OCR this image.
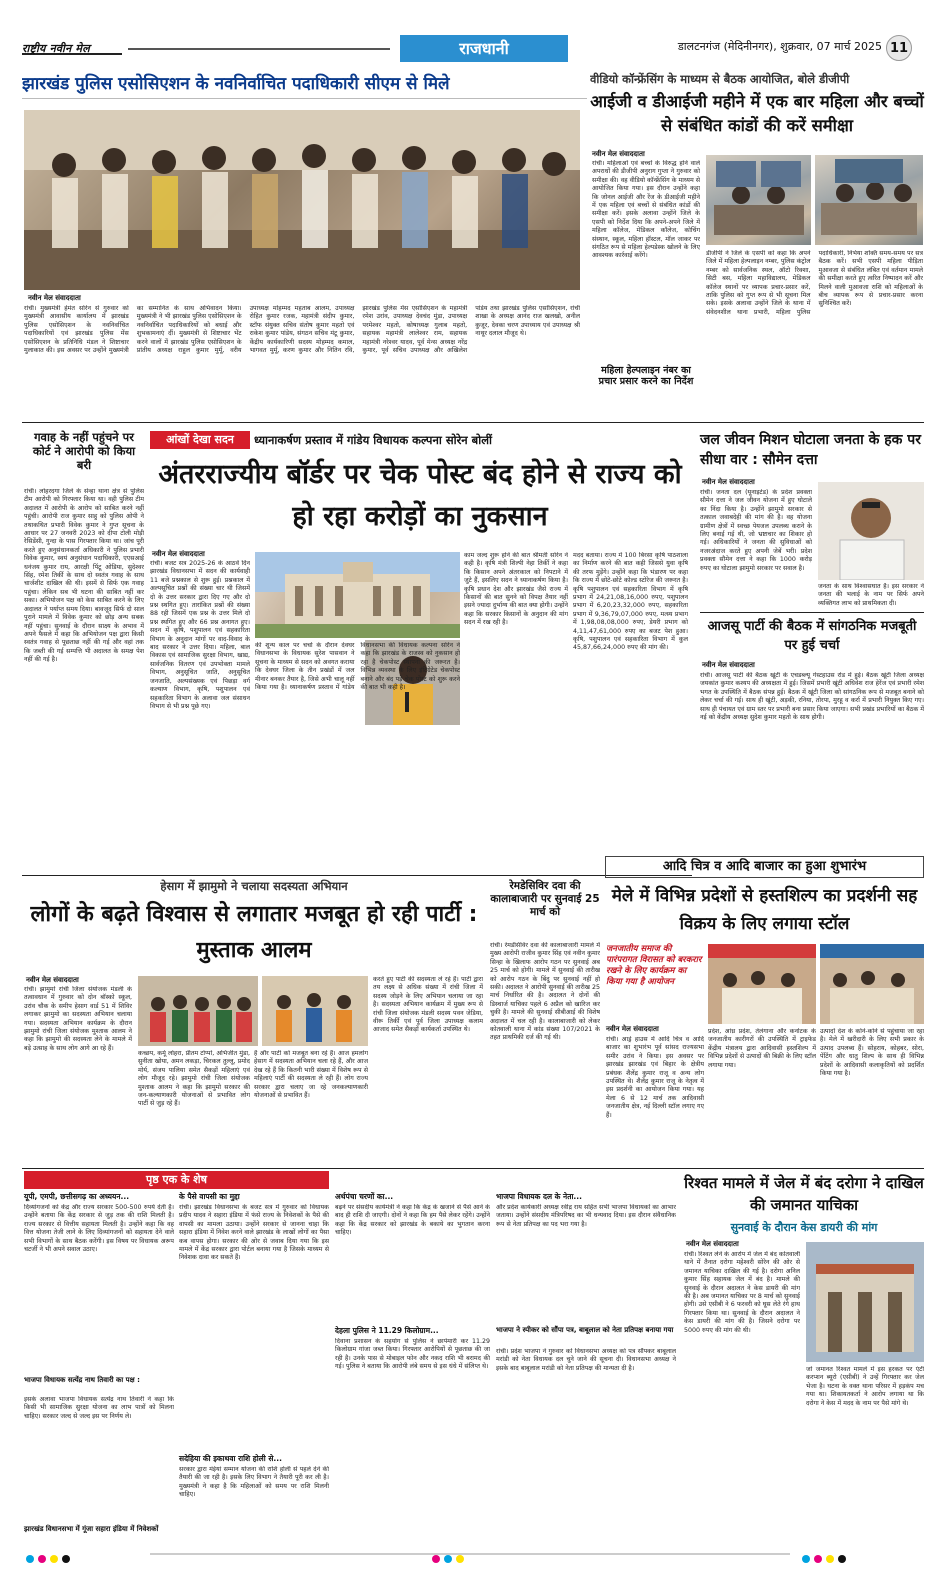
राष्ट्रीय नवीन मेल	राजधानी	डालटनगंज (मेदिनीनगर), शुक्रवार, 07 मार्च 2025 11
झारखंड पुलिस एसोसिएशन के नवनिर्वाचित पदाधिकारी सीएम से मिले
नवीन मेल संवाददाता
रांची। मुख्यमंत्री हेमंत सोरेन से गुरुवार को मुख्यमंत्री आवासीय कार्यालय में झारखंड पुलिस एसोसिएशन के नवनिर्वाचित पदाधिकारियों एवं झारखंड पुलिस मेंस एसोसिएशन के प्रतिनिधि मंडल ने शिष्टाचार मुलाकात की। इस अवसर पर उन्होंने मुख्यमंत्री का सम्मानित के साथ अभिवादन किया। मुख्यमंत्री ने भी झारखंड पुलिस एसोसिएशन के नवनिर्वाचित पदाधिकारियों को बधाई और शुभकामनाएं दीं। मुख्यमंत्री से शिष्टाचार भेंट करने वालों में झारखंड पुलिस एसोसिएशन के प्रांतीय अध्यक्ष राहुल कुमार मुर्मू, वरीय उपाध्यक्ष मोहम्मद महताब आलम, उपाध्यक्ष रोहित कुमार रजक, महामंत्री संदीप कुमार, स्टॉफ संयुक्त सचिव संतोष कुमार महतो एवं राकेश कुमार पांडेय, संगठन सचिव मंटू कुमार, केंद्रीय कार्यकारिणी सदस्य मोहम्मद कमाल, भागवत मुर्मू, करण कुमार और नितिन रवि, झारखंड पुलिस मेंस एसोसिएशन के महामंत्री रमेश उरांव, उपाध्यक्ष देवचंद मुंडा, उपाध्यक्ष परमेश्वर महतो, कोषाध्यक्ष गुलाब महतो, सहायक महामंत्री लालेश्वर राम, सहायक महामंत्री नरेश्वर यादव, पूर्व मेन्स अध्यक्ष नरेंद्र कुमार, पूर्व सचिव उपाध्यक्ष और अखिलेश पांडेय तथा झारखंड पुलिस एसोसिएशन, रांची शाखा के अध्यक्ष आनंद राज खलखो, अनील कुजूर, देवका चरण उपाध्याय एवं उपाध्यक्ष श्री नाथूर दलाल मौजूद थे।
वीडियो कॉन्फ्रेंसिंग के माध्यम से बैठक आयोजित, बोले डीजीपी
आईजी व डीआईजी महीने में एक बार महिला और बच्चों से संबंधित कांडों की करें समीक्षा
नवीन मेल संवाददाता
रांची। महिलाओं एवं बच्चों के विरुद्ध होने वाले अपराधों की डीजीपी अनुराग गुप्ता ने गुरुवार को समीक्षा की। वह वीडियो कॉन्फ्रेंसिंग के माध्यम से आयोजित किया गया। इस दौरान उन्होंने कहा कि जोनल आईजी और रेंज के डीआईजी महीने में एक महिला एवं बच्चों से संबंधित कांडों की समीक्षा करें। इसके अलावा उन्होंने जिले के एसपी को निर्देश दिया कि अपने-अपने जिले में महिला कॉलेज, मेडिकल कॉलेज, कोचिंग संस्थान, स्कूल, महिला हॉस्टल, मॉल जाकर पर संगठित रूप से महिला हेल्पडेस्क खोलने के लिए आवश्यक कार्रवाई करेंगे।
महिला हेल्पलाइन नंबर का प्रचार प्रसार करने का निर्देश
डीजीपी ने जिले के एसपी को कहा कि अपने जिले में महिला हेल्पलाइन नम्बर, पुलिस कंट्रोल नम्बर को सार्वजनिक स्थल, ऑटो रिक्शा, सिटी बस, महिला महाविद्यालय, मेडिकल कॉलेज स्थानों पर व्यापक प्रचार-प्रसार करें, ताकि पुलिस को गुप्त रूप से भी सूचना मिल सके। इसके अलावा उन्होंने जिले के थाना में संवेदनशील थाना प्रभारी, महिला पुलिस पदाधिकारी, निर्भया शक्ति समय-समय पर सत्र बैठक करें। सभी एसपी महिला पीड़िता मुआवजा से संबंधित लंबित एवं वर्तमान मामले की समीक्षा करते हुए त्वरित निष्पादन करें और मिलने वाली मुआवजा राशि को महिलाओं के बीच व्यापक रूप से प्रचार-प्रसार करना सुनिश्चित करें।
गवाह के नहीं पहुंचने पर कोर्ट ने आरोपी को किया बरी
रांची। लोहरदगा जिले के सेन्हा थाना क्षेत्र से पुलिस टीम आरोपी को गिरफ्तार किया था। वही पुलिस टीम अदालत में आरोपी के आरोप को साबित करने नहीं पहुंची। आरोपी राज कुमार साहु को पुलिस ओपी ने तथाकथित प्रभारी विवेक कुमार ने गुप्त सूचना के आधार पर 27 जनवरी 2023 को दीपा टोली मोड़ी रेसिडेंसी, गुन्दा के पास गिरफ्तार किया था। जांच पूरी करते हुए अनुसंधानकर्ता अधिकारी ने पुलिस प्रभारी विवेक कुमार, स्वयं अनुसंधान पदाधिकारी, एएसआई धनंजय कुमार राय, आरक्षी पिंटू ओडिया, सुदेश्वर सिंह, रमेश तिर्की के साथ दो स्वतंत्र गवाह के साथ चार्जशीट दाखिल की थी। इसमें से सिर्फ एक गवाह पहुंचा। लेकिन सब भी घटना की साबित नहीं कर सका। अभियोजन पक्ष को केस साबित करने के लिए अदालत ने पर्याप्त समय दिया। बावजूद सिर्फ दो साल पुराने मामले में विवेक कुमार को छोड़ अन्य सबक नहीं पहुंचा। सुनवाई के दौरान साक्ष्य के अभाव में अपने फैसले में कहा कि अभियोजन पक्ष द्वारा किसी स्वतंत्र गवाह से पूछताछ नहीं की गई और वहां तक कि जब्ती की गई सम्पत्ति भी अदालत के समक्ष पेश नहीं की गई है।
आंखों देखा सदन	ध्यानाकर्षण प्रस्ताव में गांडेय विधायक कल्पना सोरेन बोलीं
अंतरराज्यीय बॉर्डर पर चेक पोस्ट बंद होने से राज्य को हो रहा करोड़ों का नुकसान
नवीन मेल संवाददाता
रांची। बजट सत्र 2025-26 के आठवें दिन झारखंड विधानसभा में सदन की कार्यवाही 11 बजे प्रश्नकाल से शुरू हुई। प्रश्नकाल में अल्पसूचित प्रश्नों की संख्या चार थी जिसमें दो के उत्तर सरकार द्वारा दिए गए और दो प्रश्न स्थगित हुए। तारांकित प्रश्नों की संख्या 88 रही जिसमें एक प्रश्न के उत्तर मिले दो प्रश्न स्थगित हुए और 66 प्रश्न अनागत हुए। सदन में कृषि, पशुपालन एवं सहकारिता विभाग के अनुदान मांगों पर वाद-विवाद के बाद सरकार ने उत्तर दिया। महिला, बाल विकास एवं सामाजिक सुरक्षा विभाग, खाद्य, सार्वजनिक वितरण एवं उपभोक्ता मामले विभाग, अनुसूचित जाति, अनुसूचित जनजाति, अल्पसंख्यक एवं पिछड़ा वर्ग कल्याण विभाग, कृषि, पशुपालन एवं सहकारिता विभाग के अलावा जल संसाधन विभाग से भी प्रश्न पूछे गए।
की शून्य काल पर चर्चा के दौरान देवघर विधानसभा के विधायक सुरेश पासवान ने सूचना के माध्यम से सदन को अवगत कराया कि देवघर जिला के तीन प्रखंडों में जल मीनार बनकर तैयार है, जिसे अभी चालू नहीं किया गया है। ध्यानाकर्षण प्रस्ताव में गांडेय विधानसभा की विधायक कल्पना सोरेन ने कहा कि झारखंड के राजस्व को नुकसान हो रहा है चेकपोस्ट स्थापना की जरूरत है। विभिन्न व्यवस्था के लिए इंटिग्रेटेड चेकपोस्ट बनाने और बंद पड़े चेक पोस्ट को शुरू करने की बात भी कही है।
काम जल्द शुरू होने की बात श्रीमती सोरेन ने कही है। कृषि मंत्री शिल्पी नेहा तिर्की ने कहा कि किसान अपने अंतरकाल को निपटाने में जुटे हैं, इसलिए सदन ने ध्यानाकर्षण किया है। कृषि प्रधान देश और झारखंड जैसे राज्य में किसानों की बात सुनने को विपक्ष तैयार नहीं इसने ज्यादा दुर्भाग्य की बात क्या होगी। उन्होंने कहा कि सरकार किसानों के अनुदान की मांग सदन में रख रही है।
मदद बताया। राज्य में 100 बिरसा कृषि पाठशाला का निर्माण करने की बात कही जिससे युवा कृषि की तरफ मुड़ेंगे। उन्होंने कहा कि भंडारण पर कहा कि राज्य में छोटे-छोटे कोल्ड स्टोरेज की जरूरत है। कृषि पशुपालन एवं सहकारिता विभाग में कृषि प्रभाग में 24,21,08,16,000 रुपए, पशुपालन प्रभाग में 6,20,23,32,000 रुपए, सहकारिता प्रभाग में 9,36,79,07,000 रुपए, मत्स्य प्रभाग में 1,98,08,08,000 रुपए, डेयरी प्रभाग को 4,11,47,61,000 रुपए का बजट पेश हुआ। कृषि, पशुपालन एवं सहकारिता विभाग में कुल 45,87,66,24,000 रुपए की मांग की।
जल जीवन मिशन घोटाला जनता के हक पर सीधा वार : सौमेन दत्ता
नवीन मेल संवाददाता
रांची। जनता दल (यूनाइटेड) के प्रदेश प्रवक्ता सौमेन दत्ता ने जल जीवन योजना में हुए घोटाले का निंदा किया है। उन्होंने झामुमो सरकार से तत्काल जवाबदेही की मांग की है। वह योजना ग्रामीण क्षेत्रों में स्वच्छ पेयजल उपलब्ध कराने के लिए बनाई गई थी, जो भ्रष्टाचार का शिकार हो गई। अधिकारियों ने जनता की सुविधाओं को नजरअंदाज करते हुए अपनी जेबें भरी। प्रदेश प्रवक्ता सौमेन दत्ता ने कहा कि 1000 करोड़ रुपए का घोटाला झामुमो सरकार पर सवाल है।
जनता के साथ विश्वासघात है। इस सरकार ने जनता की भलाई के नाम पर सिर्फ अपने व्यक्तिगत लाभ को प्राथमिकता दी।
आजसू पार्टी की बैठक में सांगठनिक मजबूती पर हुई चर्चा
नवीन मेल संवाददाता
रांची। आजसू पार्टी की बैठक खूंटी के एचडब्ल्यू गेस्टहाउस रोड में हुई। बैठक खूंटी जिला अध्यक्ष जयकांत कुमार कश्यप की अध्यक्षता में हुई। जिसमें प्रभारी खूंटी अधिवेश राज हेरेंज एवं प्रभारी रमेश भगत के उपस्थिति में बैठक संपन्न हुई। बैठक में खूंटी जिला को सांगठनिक रूप से मजबूत बनाने को लेकर चर्चा की गई। साथ ही खूंटी, अड़की, रनिया, तोरपा, मुरहू व कर्रा में प्रभारी नियुक्त किए गए। साथ ही पंचायत एवं ग्राम स्तर पर प्रभारी बना प्रसार किया जाएगा। सभी प्रखंड प्रभारियों का बैठक में नई को केंद्रीय अध्यक्ष सुदेश कुमार महतो के साथ होगी।
हेसाग में झामुमो ने चलाया सदस्यता अभियान
लोगों के बढ़ते विश्वास से लगातार मजबूत हो रही पार्टी : मुस्ताक आलम
नवीन मेल संवाददाता
रांची। झामुमो रांची जिला संयोजक मंडली के तत्वावधान में गुरुवार को दोन बॉस्को स्कूल, उरांव चौक के समीप हेसाग वार्ड 51 में शिविर लगाकर झामुमो का सदस्यता अभियान चलाया गया। सदस्यता अभियान कार्यक्रम के दौरान झामुमो रांची जिला संयोजक मुश्ताक आलम ने कहा कि झामुमो की सदस्यता लेने के मामले में बड़े उत्साह के साथ लोग आगे आ रहे हैं।
कच्छप, कर्मू लोहरा, प्रीतम टोप्पो, अभिजीत मुंडा, सुनीता खोया, अमन लकड़ा, चिरकल तुल्लू, प्रमोद मोर्य, संजय पालिया समेत सैकड़ों महिलाएं एवं लोग मौजूद रहे। झामुमो रांची जिला संयोजक मुश्ताक आलम ने कहा कि झामुमो सरकार की जन-कल्याणकारी योजनाओं से प्रभावित लोग पार्टी से जुड़ रहे हैं।
है और पार्टी को मजबूत बना रहे हैं। आज हमलोग हेसाग में सदस्यता अभियान चला रहे हैं, और आज देख रहे हैं कि कितनी भारी संख्या में विशेष रूप से महिलाएं पार्टी की सदस्यता ले रही हैं। लोग राज्य सरकार द्वारा चलाए जा रहे जनकल्याणकारी योजनाओं से प्रभावित हैं।
करते हुए पार्टी की सदस्यता ले रहे हैं। पार्टी द्वारा तय लक्ष्य से अधिक संख्या में रांची जिला में सदस्य जोड़ने के लिए अभियान चलाया जा रहा है। सदस्यता अभियान कार्यक्रम में मुख्य रूप से रांची जिला संयोजक मंडली सदस्य पवन जेडिया, वीरू तिर्की एवं पूर्व जिला उपाध्यक्ष कलाम आजाद समेत सैकड़ों कार्यकर्ता उपस्थित थे।
रेमडेसिविर दवा की कालाबाजारी पर सुनवाई 25 मार्च को
रांची। रेमडेसिविर दवा की कालाबाजारी मामले में मुख्य आरोपी राजीव कुमार सिंह एवं नवीन कुमार सिन्हा के खिलाफ आरोप गठन पर सुनवाई अब 25 मार्च को होगी। मामले में सुनवाई की तारीख को आरोप गठन के बिंदु पर सुनवाई नहीं हो सकी। अदालत ने आरोपी सुनवाई की तारीख 25 मार्च निर्धारित की है। अदालत ने दोनों की डिस्चार्ज याचिका पहले 6 अप्रैल को खारिज कर चुकी है। मामले की सुनवाई सीबीआई की विशेष अदालत में चल रही है। कालाबाजारी को लेकर कोतवाली थाना में कांड संख्या 107/2021 के तहत प्राथमिकी दर्ज की गई थी।
आदि चित्र व आदि बाजार का हुआ शुभारंभ
मेले में विभिन्न प्रदेशों से हस्तशिल्प का प्रदर्शनी सह विक्रय के लिए लगाया स्टॉल
जनजातीय समाज की पारंपरागत विरासत को बरकरार रखने के लिए कार्यक्रम का किया गया है आयोजन
नवीन मेल संवाददाता
रांची। आड्रे हाउस में आदि चित्र व आदि बाजार का शुभारंभ पूर्व सांसद राज्यसभा समीर उरांव ने किया। इस अवसर पर झारखंड झारखंड एवं बिहार के क्षेत्रीय प्रबंधक शैलेंद्र कुमार राजू व अन्य लोग उपस्थित थे। शैलेंद्र कुमार राजू के नेतृत्व में इस प्रदर्शनी का आयोजन किया गया। यह मेला 6 से 12 मार्च तक आदिवासी जनजातीय क्षेत्र, नई दिल्ली स्टॉल लगाए गए हैं।
प्रदेश, आंध्र प्रदेश, तेलंगाना और कर्नाटक के जनजातीय कारीगरों की उपस्थिति में ट्राइफेड केंद्रीय मंत्रालय द्वारा आदिवासी हस्तशिल्प में विभिन्न प्रदेशों से उत्पादों की बिक्री के लिए स्टॉल लगाया गया।
उत्पादों देश के कोने-कोने से पहुंचाया जा रहा है। मेले में खरीदारी के लिए सभी प्रकार के उत्पाद उपलब्ध हैं। सोहराय, कोहबर, सोरा, पेंटिंग और धातु शिल्प के साथ ही विभिन्न प्रदेशों के आदिवासी कलाकृतियों को प्रदर्शित किया गया है।
पृष्ठ एक के शेष
यूपी, एमपी, छत्तीसगढ़ का अध्ययन...
दिव्यांगजनों को केंद्र और राज्य सरकार 500-500 रुपये देती है। उन्होंने बताया कि केंद्र सरकार से जुड़ तक की राशि मिलती है। राज्य सरकार से वित्तीय सहायता मिलती है। उन्होंने कहा कि वह वित्त योजना तेजी लाने के लिए दिव्यांगजनों को सहायता देने वाले सभी विभागों के साथ बैठक करेंगी। इस विषय पर विधायक अरूप चटर्जी ने भी अपने सवाल उठाए।
भाजपा विधायक सत्येंद्र नाथ तिवारी का पक्ष :
इसके अलावा भाजपा विधायक सत्येंद्र नाथ तिवारी ने कहा कि किसी भी सामाजिक सुरक्षा योजना का लाभ पात्रों को मिलना चाहिए। सरकार जल्द से जल्द इस पर निर्णय ले।
झारखंड विधानसभा में गूंजा सहारा इंडिया में निवेशकों
के पैसे वापसी का मुद्दा
रांची। झारखंड विधानसभा के बजट सत्र में गुरुवार को विधायक प्रदीप यादव ने सहारा इंडिया में फंसे राज्य के निवेशकों के पैसे की वापसी का मामला उठाया। उन्होंने सरकार से जानना चाहा कि सहारा इंडिया में निवेश करने वाले झारखंड के लाखों लोगों का पैसा कब वापस होगा। सरकार की ओर से जवाब दिया गया कि इस मामले में केंद्र सरकार द्वारा पोर्टल बनाया गया है जिसके माध्यम से निवेशक दावा कर सकते हैं।
सदेहिया की इकाथवा राशि होली से...
सरकार द्वारा मंईयां सम्मान योजना की राशि होली से पहले देने की तैयारी की जा रही है। इसके लिए विभाग ने तैयारी पूरी कर ली है। मुख्यमंत्री ने कहा है कि महिलाओं को समय पर राशि मिलनी चाहिए।
अर्थपंचा चरणों का...
बढ़ने पर संसदीय कार्यमंत्री ने कहा कि केंद्र के खजाने से पैसे आने के बाद ही राशि दी जाएगी। दोनों ने कहा कि हम पैसे लेकर रहेंगे। उन्होंने कहा कि केंद्र सरकार को झारखंड के बकाये का भुगतान करना चाहिए।
देहला पुलिस ने 11.29 किलोग्राम...
दिवाना प्रशासन के सहयोग से पुलिस ने छापेमारी कर 11.29 किलोग्राम गांजा जब्त किया। गिरफ्तार आरोपियों से पूछताछ की जा रही है। उनके पास से मोबाइल फोन और नकद राशि भी बरामद की गई। पुलिस ने बताया कि आरोपी लंबे समय से इस धंधे में संलिप्त थे।
भाजपा विधायक दल के नेता...
और प्रदेश कार्यकारी अध्यक्ष रवींद्र राय सहित सभी भाजपा विधायकों का आभार जताया। उन्होंने संसदीय मंत्रिपरिषद का भी धन्यवाद दिया। इस दौरान संवैधानिक रूप से नेता प्रतिपक्ष का पद भरा गया है।
भाजपा ने स्पीकर को सौंपा पत्र, बाबूलाल को नेता प्रतिपक्ष बनाया गया
रांची। प्रदेश भाजपा ने गुरुवार को विधानसभा अध्यक्ष को पत्र सौंपकर बाबूलाल मरांडी को नेता विधायक दल चुने जाने की सूचना दी। विधानसभा अध्यक्ष ने इसके बाद बाबूलाल मरांडी को नेता प्रतिपक्ष की मान्यता दी है।
रिश्वत मामले में जेल में बंद दरोगा ने दाखिल की जमानत याचिका
सुनवाई के दौरान केस डायरी की मांग
नवीन मेल संवाददाता
रांची। रिश्वत लेने के आरोप में जेल में बंद कोतवाली थाने में तैनात दरोगा महेश्वरी सोरेन की ओर से जमानत याचिका दाखिल की गई है। दरोगा अनिल कुमार सिंह सहायक जेल में बंद है। मामले की सुनवाई के दौरान अदालत ने केस डायरी की मांग की है। अब जमानत याचिका पर 8 मार्च को सुनवाई होगी। उसे एसीबी ने 6 फरवरी को घूस लेते रंगे हाथ गिरफ्तार किया था। सुनवाई के दौरान अदालत ने केस डायरी की मांग की है। जिसने दरोगा पर 5000 रुपए की मांग की थी।
जो जमानत रिश्वत मामले में इस हरकत पर एंटी करप्शन ब्यूरो (एसीबी) ने उन्हें गिरफ्तार कर जेल भेजा है। घटना के वक्त थाना परिसर में हड़कंप मच गया था। शिकायतकर्ता ने आरोप लगाया था कि दरोगा ने केस में मदद के नाम पर पैसे मांगे थे।
